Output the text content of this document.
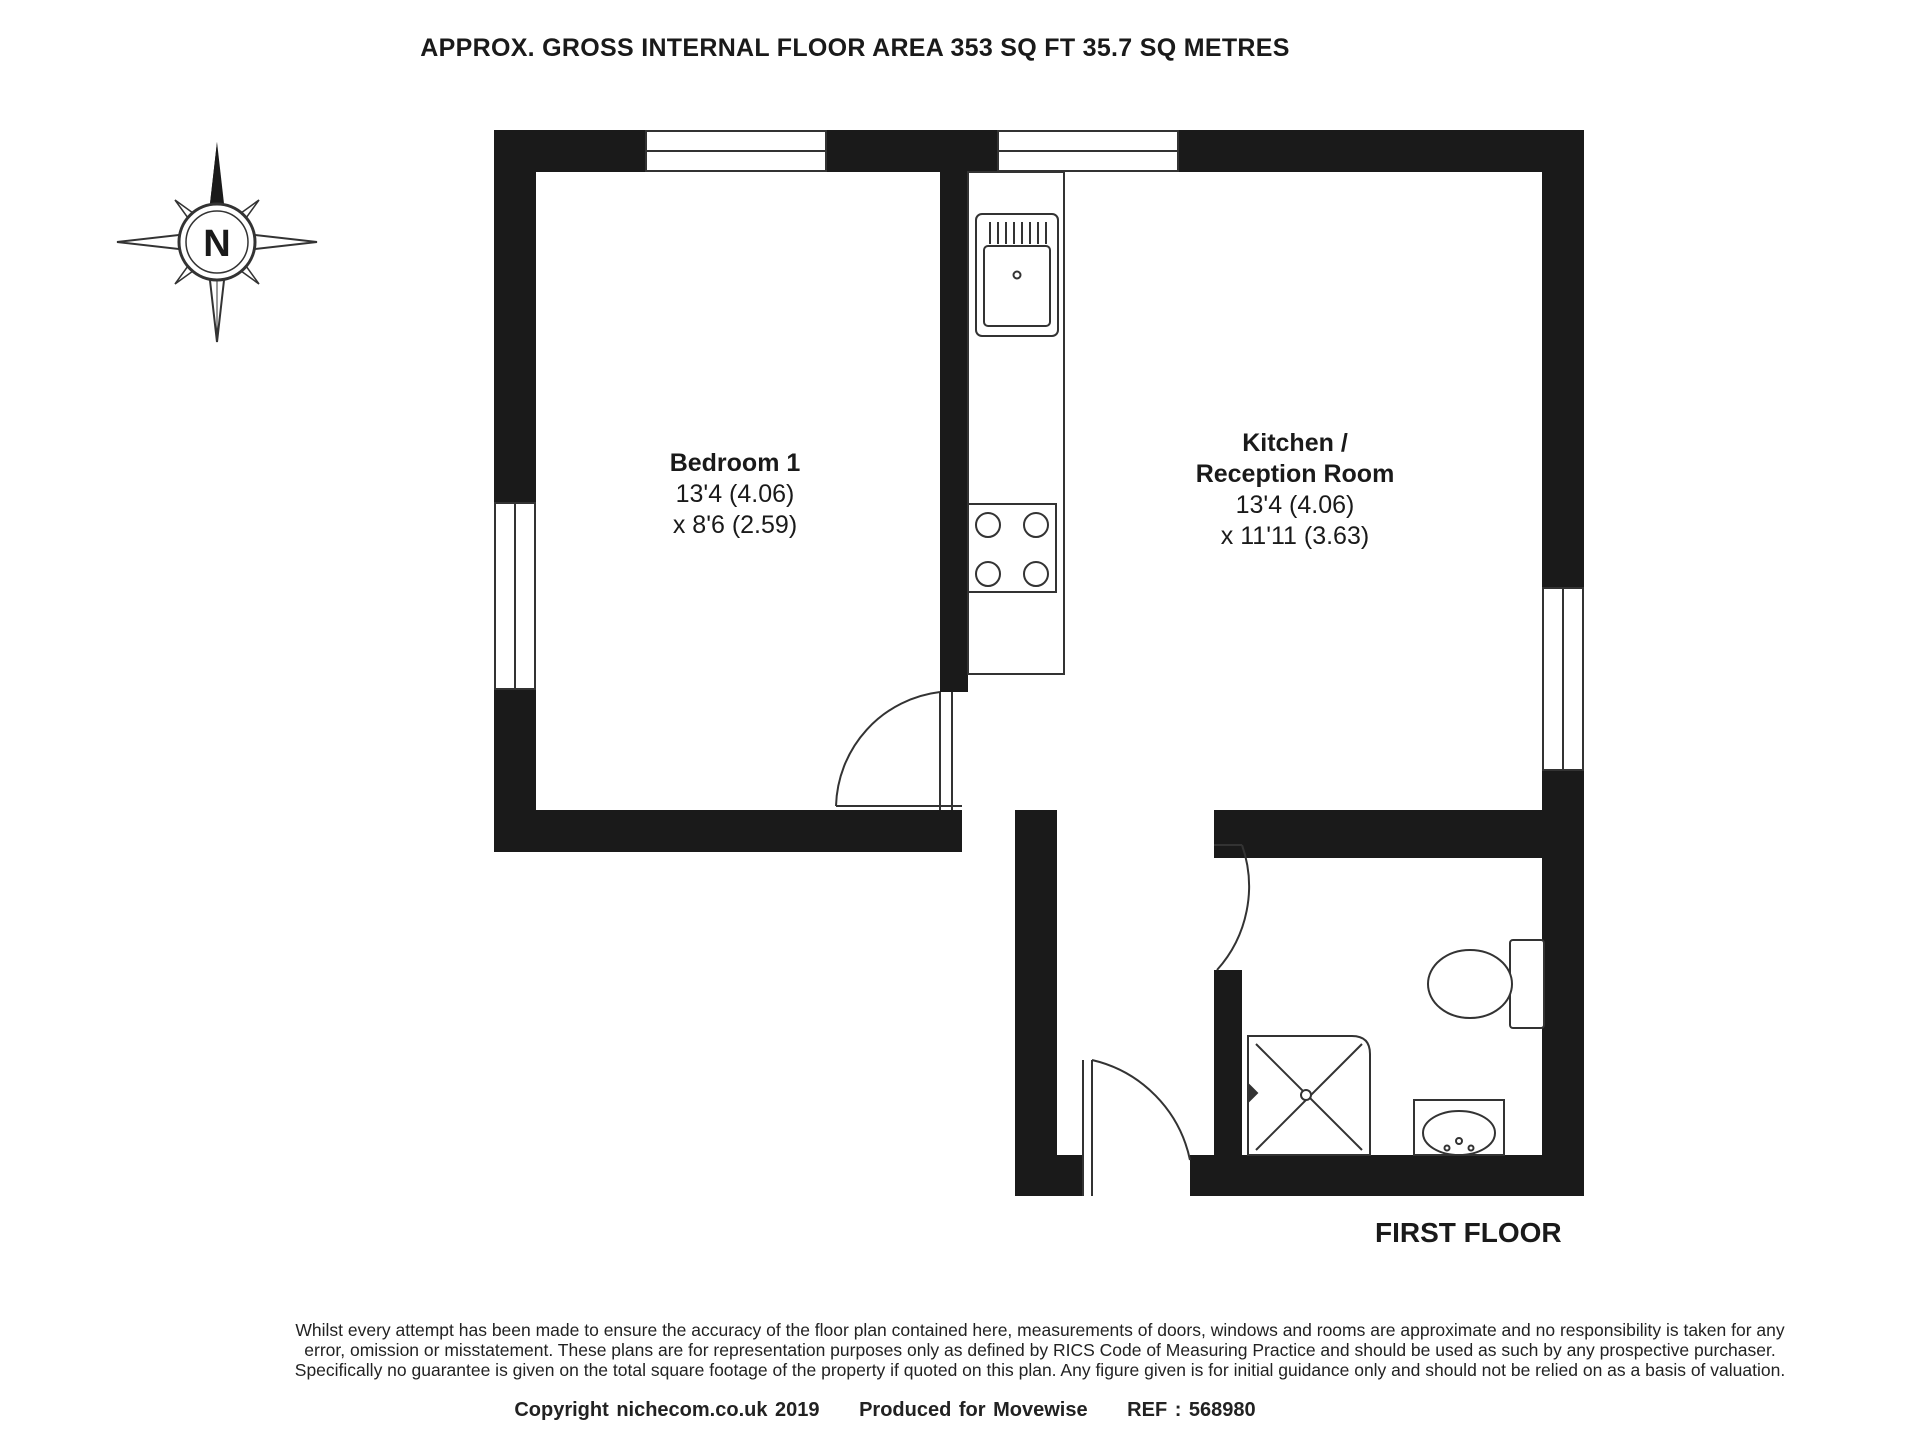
APPROX. GROSS INTERNAL FLOOR AREA 353 SQ FT 35.7 SQ METRES
N
Bedroom 1
13'4 (4.06)
x 8'6 (2.59)
Kitchen /
Reception Room
13'4 (4.06)
x 11'11 (3.63)
FIRST FLOOR
Whilst every attempt has been made to ensure the accuracy of the floor plan contained here, measurements of doors, windows and rooms are approximate and no responsibility is taken for any
error, omission or misstatement. These plans are for representation purposes only as defined by RICS Code of Measuring Practice and should be used as such by any prospective purchaser.
Specifically no guarantee is given on the total square footage of the property if quoted on this plan. Any figure given is for initial guidance only and should not be relied on as a basis of valuation.
Copyright nichecom.co.uk 2019 Produced for Movewise REF : 568980
